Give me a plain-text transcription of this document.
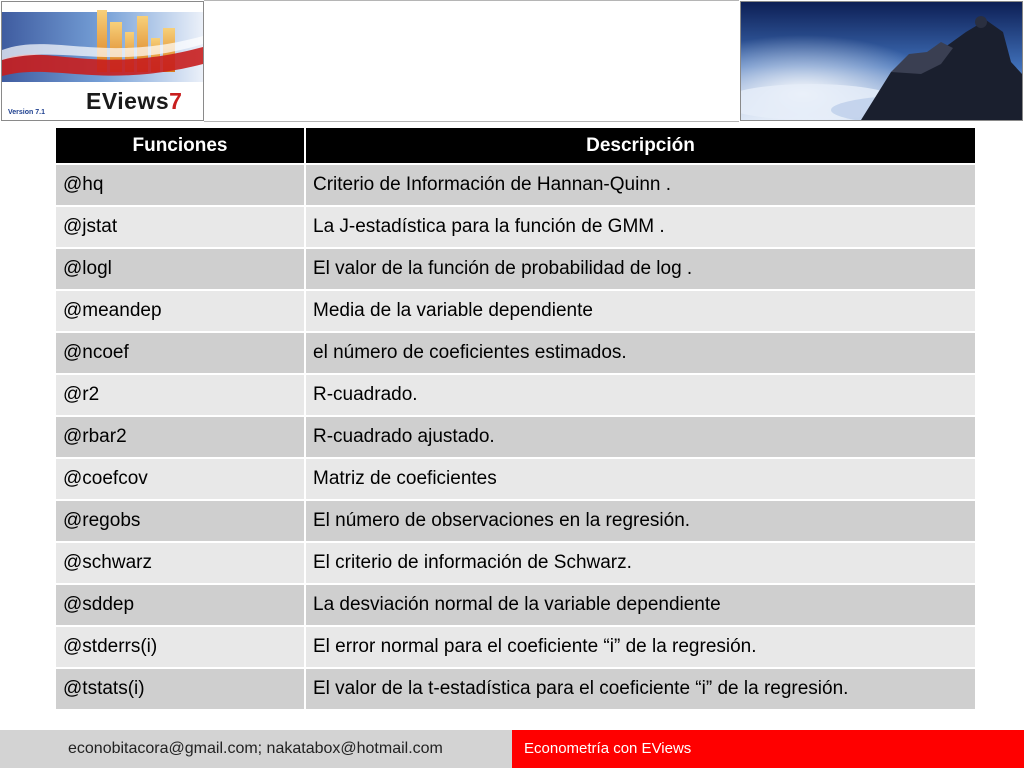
EViews7
Version 7.1
Funciones	Descripción
@hq	Criterio de Información de Hannan-Quinn .
@jstat	La J-estadística para la función de GMM .
@logl	El valor de la función de probabilidad de log .
@meandep	Media de la variable dependiente
@ncoef	el número de coeficientes estimados.
@r2	R-cuadrado.
@rbar2	R-cuadrado ajustado.
@coefcov	Matriz de coeficientes
@regobs	El número de observaciones en la regresión.
@schwarz	El criterio de información de Schwarz.
@sddep	La desviación normal de la variable dependiente
@stderrs(i)	El error normal para el coeficiente “i” de la regresión.
@tstats(i)	El valor de la t-estadística para el coeficiente “i” de la regresión.
econobitacora@gmail.com; nakatabox@hotmail.com	Econometría con EViews
